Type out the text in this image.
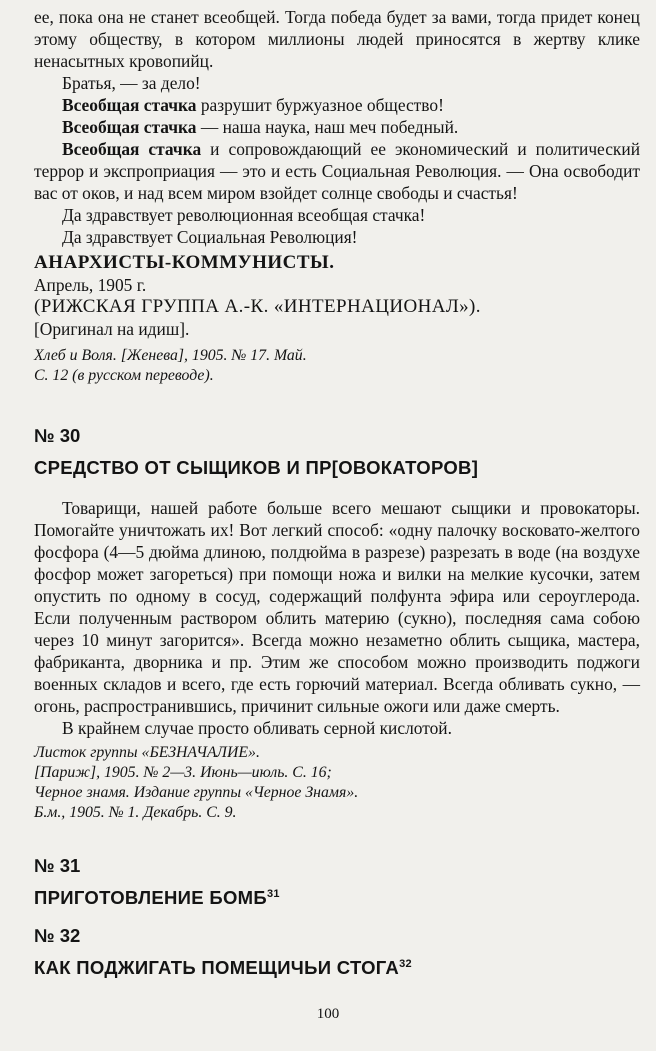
ее, пока она не станет всеобщей. Тогда победа будет за вами, тогда придет конец этому обществу, в котором миллионы людей приносятся в жертву клике ненасытных кровопийц.

Братья, — за дело!

Всеобщая стачка разрушит буржуазное общество!

Всеобщая стачка — наша наука, наш меч победный.

Всеобщая стачка и сопровождающий ее экономический и политический террор и экспроприация — это и есть Социальная Революция. — Она освободит вас от оков, и над всем миром взойдет солнце свободы и счастья!

Да здравствует революционная всеобщая стачка!

Да здравствует Социальная Революция!

АНАРХИСТЫ-КОММУНИСТЫ.

Апрель, 1905 г.

(РИЖСКАЯ ГРУППА А.-К. «ИНТЕРНАЦИОНАЛ»).

[Оригинал на идиш].

Хлеб и Воля. [Женева], 1905. № 17. Май.

С. 12 (в русском переводе).

№ 30

СРЕДСТВО ОТ СЫЩИКОВ И ПР[ОВОКАТОРОВ]

Товарищи, нашей работе больше всего мешают сыщики и провокаторы. Помогайте уничтожать их! Вот легкий способ: «одну палочку восковато-желтого фосфора (4—5 дюйма длиною, полдюйма в разрезе) разрезать в воде (на воздухе фосфор может загореться) при помощи ножа и вилки на мелкие кусочки, затем опустить по одному в сосуд, содержащий полфунта эфира или сероуглерода. Если полученным раствором облить материю (сукно), последняя сама собою через 10 минут загорится». Всегда можно незаметно облить сыщика, мастера, фабриканта, дворника и пр. Этим же способом можно производить поджоги военных складов и всего, где есть горючий материал. Всегда обливать сукно, — огонь, распространившись, причинит сильные ожоги или даже смерть.

В крайнем случае просто обливать серной кислотой.

Листок группы «БЕЗНАЧАЛИЕ».

[Париж], 1905. № 2—3. Июнь—июль. С. 16;

Черное знамя. Издание группы «Черное Знамя».

Б.м., 1905. № 1. Декабрь. С. 9.

№ 31

ПРИГОТОВЛЕНИЕ БОМБ$^{31}$

№ 32

КАК ПОДЖИГАТЬ ПОМЕЩИЧЬИ СТОГА$^{32}$

100
